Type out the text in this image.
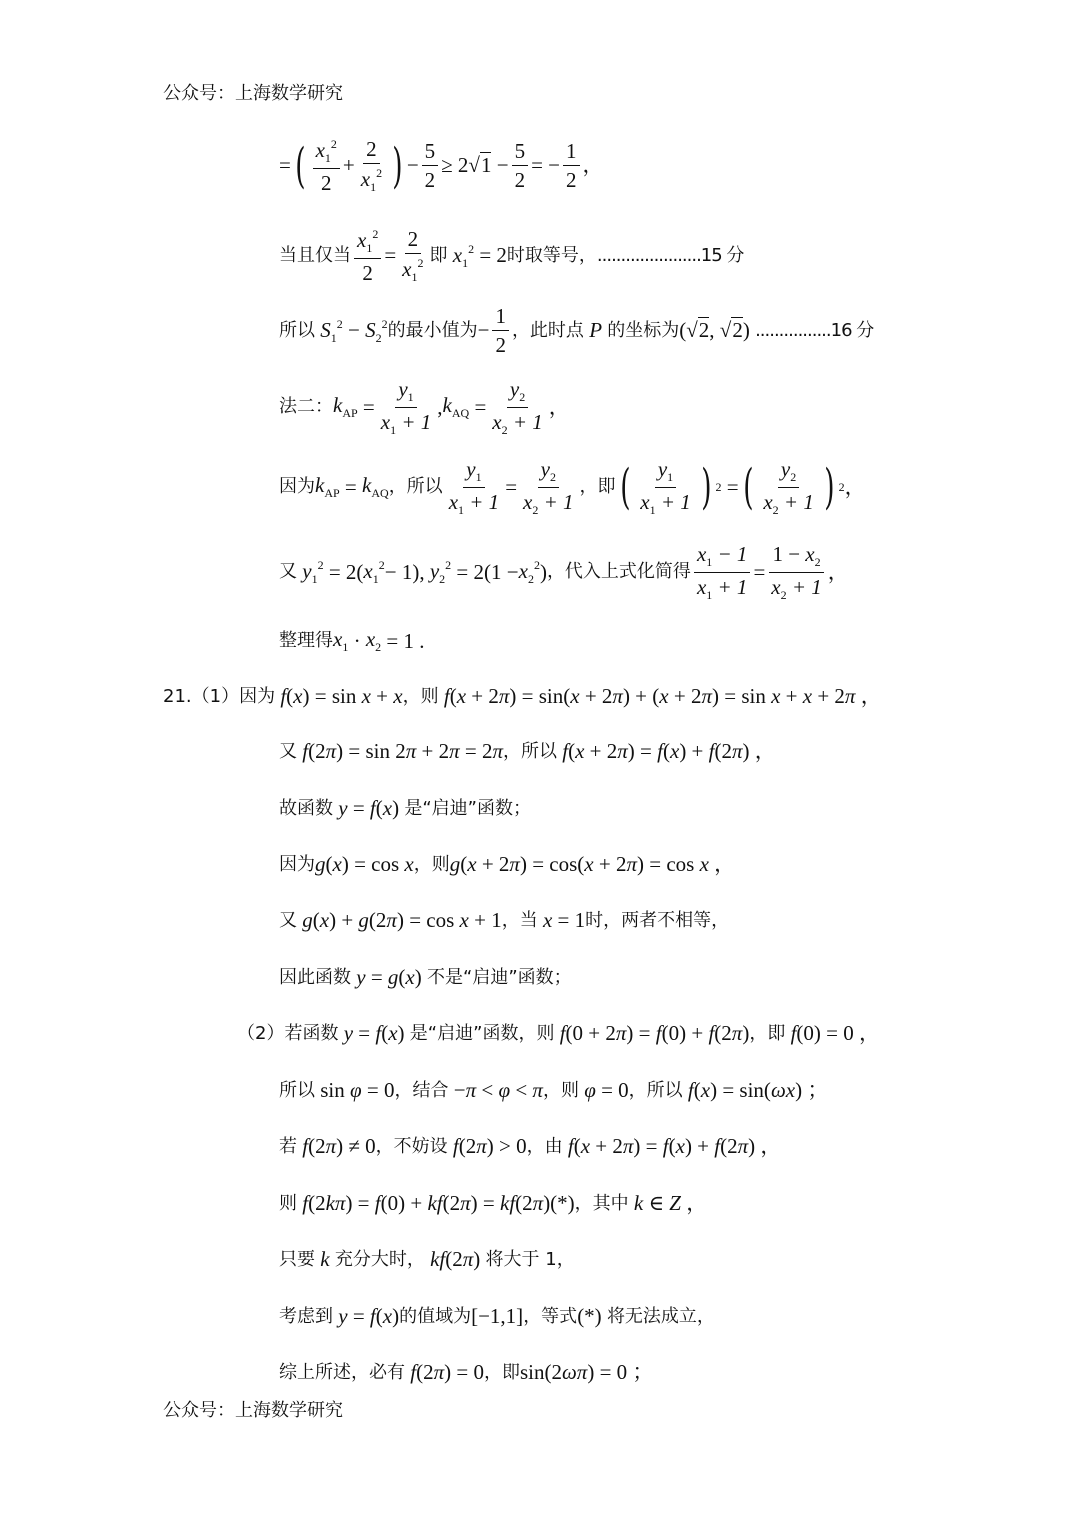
公众号：上海数学研究
= ( $\frac{x_1^2}{2} + \frac{2}{x_1^2}$ ) − $\frac{5}{2} \ge 2√1 - \frac{5}{2}$ = − $\frac{1}{2}$ ，
当且仅当 $\frac{x_1^2}{2} = \frac{2}{x_1^2}$ 即 $x_1^2 = 2$ 时取等号， ......................15 分
所以 $S_1^2 - S_2^2$ 的最小值为 − $\frac{1}{2}$ ，此时点 P 的坐标为 (√2, √2) ................16 分
法二： $k_{AP} = \frac{y_1}{x_1 + 1}$ , $k_{AQ} = \frac{y_2}{x_2 + 1}$ ，
因为 $k_{AP} = k_{AQ}$ ，所以 $\frac{y_1}{x_1 + 1} = \frac{y_2}{x_2 + 1}$ ，即 ( $\frac{y_1}{x_1 + 1}$ ) 2 = ( $\frac{y_2}{x_2 + 1}$ ) 2 ，
又 $y_1^2 = 2$( $x_1^2 - 1$), $y_2^2 = 2(1 - x_2^2$ ) ，代入上式化简得 $\frac{x_1 - 1}{x_1 + 1} = \frac{1 - x_2}{x_2 + 1}$ ，
整理得 $x_1 \cdot x_2 = 1$ .
21.（1）因为 f(x) = sin x + x ，则 f(x + 2π) = sin(x + 2π) + (x + 2π) = sin x + x + 2π ，
又 f(2π) = sin 2π + 2π = 2π ，所以 f(x + 2π) = f(x) + f(2π) ，
故函数 y = f(x) 是“启迪”函数；
因为 g(x) = cos x ，则 g(x + 2π) = cos(x + 2π) = cos x ，
又 g(x) + g(2π) = cos x + 1 ，当 x = 1 时，两者不相等，
因此函数 y = g(x) 不是“启迪”函数；
（2）若函数 y = f(x) 是“启迪”函数，则 f(0 + 2π) = f(0) + f(2π) ，即 f(0) = 0 ，
所以 sin φ = 0 ，结合 −π < φ < π ，则 φ = 0 ，所以 f(x) = sin(ωx) ；
若 f(2π) ≠ 0 ，不妨设 f(2π) > 0 ，由 f(x + 2π) = f(x) + f(2π) ，
则 f(2kπ) = f(0) + kf(2π) = kf(2π)(*) ，其中 k ∈ Z ，
只要 k 充分大时， kf(2π) 将大于 1，
考虑到 y = f(x) 的值域为 [−1,1] ，等式 (*) 将无法成立，
综上所述，必有 f(2π) = 0 ，即 sin(2ωπ) = 0 ；
公众号：上海数学研究
